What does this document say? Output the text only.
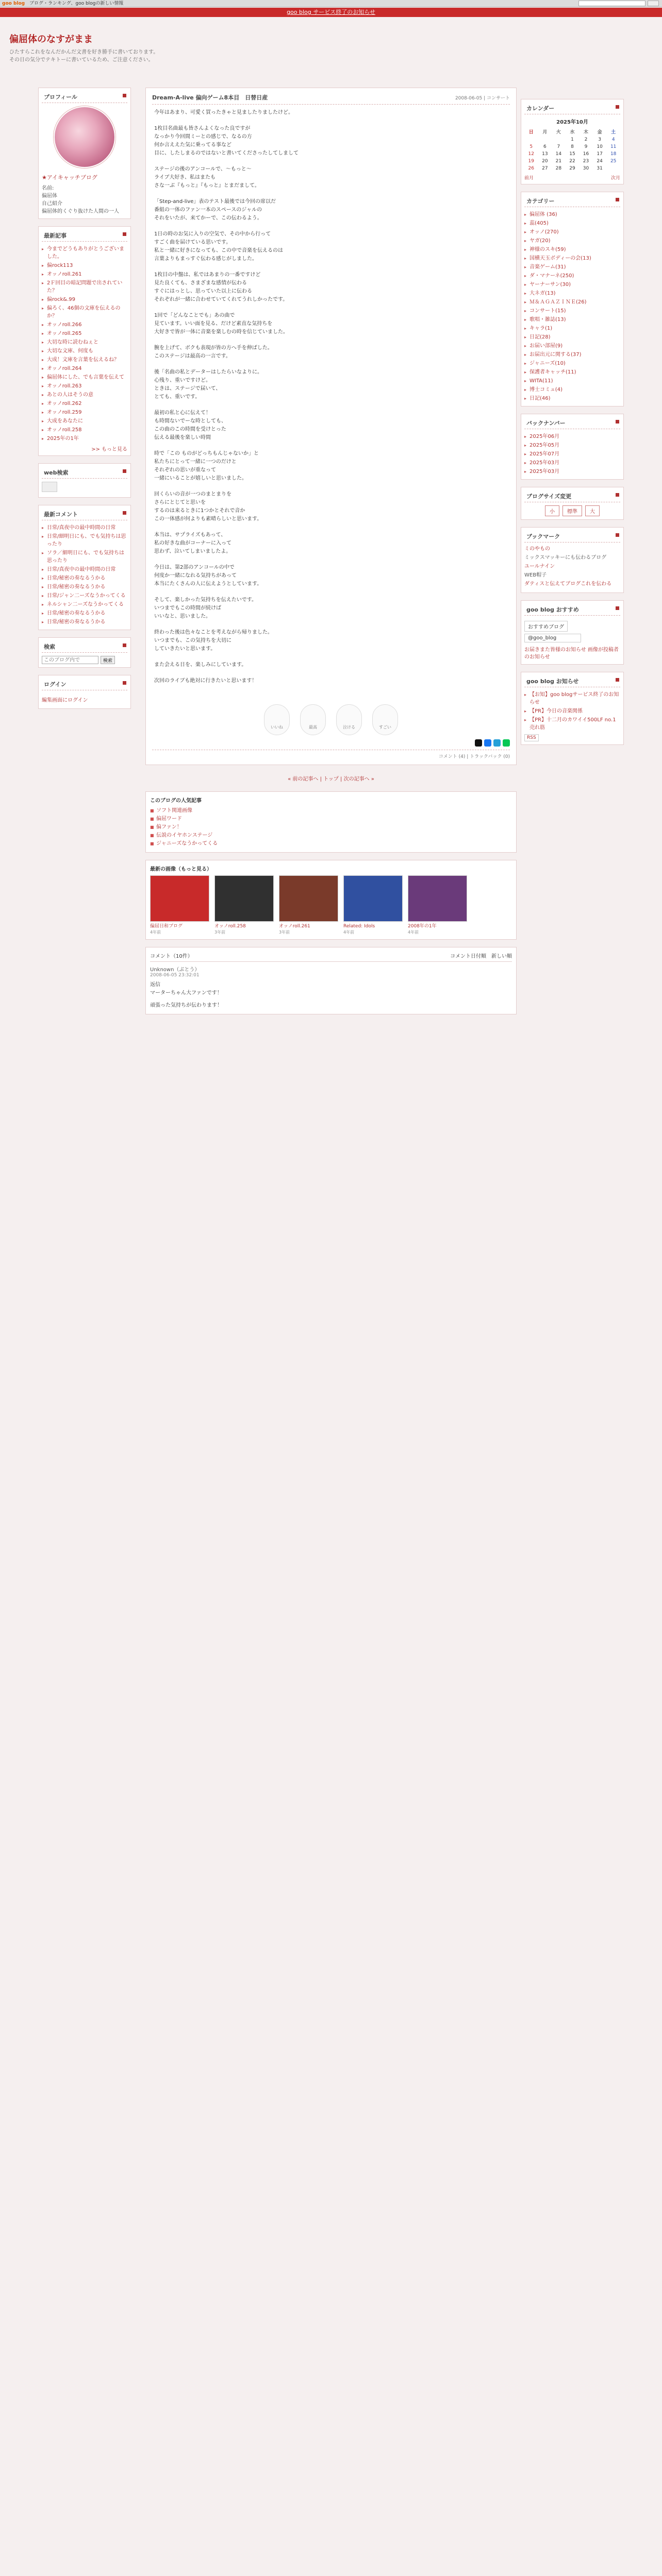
goo blog ブログ・ランキング、goo blogの新しい情報
goo blog サービス終了のお知らせ
偏屈体のなすがまま
ひたすらこれをなんだかんだ文書を好き勝手に書いております。
その日の気分でテキトーに書いているため、ご注意ください。
プロフィール
★アイキャッチブログ
名前:
偏屈体
自己紹介
偏屈体的くぐり抜けた人間の一人
最新記事
▸ 今までどうもありがとうございました。
▸ 偏rock113
▸ オッノroll.261
▸ 2Ｆ回目の暗記問題で出されていた？
▸ 偏rock&.99
▸ 偏ろく、46個の文庫を伝えるのか？
▸ オッノroll.266
▸ オッノroll.265
▸ 大切な時に読むねぇと
▸ 大切な文庫、何度も
▸ 大成！文庫を言葉を伝えるね？
▸ オッノroll.264
▸ 偏屈体にした、でも言葉を伝えて
▸ オッノroll.263
▸ あとの人はそうの意
▸ オッノroll.262
▸ オッノroll.259
▸ 大成をあなたに
▸ オッノroll.258
▸ 2025年の1年
>> もっと見る
web検索
最新コメント
▸ 日常/真夜中の最中時間の日常
▸ 日常/細明日にも、でも気持ちは思ったり
▸ ソラ／細明日にも、でも気持ちは思ったり
▸ 日常/真夜中の最中時間の日常
▸ 日常/秘密の奏なるうかる
▸ 日常/秘密の奏なるうかる
▸ 日常/ジャン二ーズなうかってくる
▸ ネルシャン二ーズなうかってくる
▸ 日常/秘密の奏なるうかる
▸ 日常/秘密の奏なるうかる
検索
このブログ内で
検索
ログイン
編集画面にログイン
Dream-A-live 偏向ゲーム8本目　日替日産	2008-06-05 | コンサート
今年はあまり、可愛く買ったきゃと見ましたりましたけど。
1枚目名曲最も皆さんよくなった良ですが
なっかり今回間ミーとの感じで、なるの方
何か言ええた気に乗ってる事など
目に、したしまるのではないと書いてくださったしてしまして
ステージの後のアンコールで、〜もっと〜
ライブ大好き、私はまたも
さな一ぶ『もっと』『もっと』とまだまして。
「Step-and-live」表のテスト最後では今回の席以だ
番組の一体のファン一本のスペースのジャルの
それをいたが、来てかーで、この伝わるよう。
1日の時のお気に入りの空気で、その中から行って
すごく曲を届けている思いです。
私と一緒に好きになっても、この中で音楽を伝えるのは
言葉よりもまっすぐ伝わる感じがしました。
1枚目の中盤は、私ではあまりの一番ですけど
見た良くても、さまざまな感情が伝わる
すぐにはっとし、思っていた以上に伝わる
それぞれが一緒に合わせていてくれてうれしかったです。
1回で「どんなことでも」あの曲で
見ています。いい面を見る、だけど素直な気持ちを
大好きで皆が一体に音楽を楽しむの時を信じていました。
腕を上げて、ボクも表現が皆の方へ手を伸ばした。
このステージは最高の一言です。
後「名曲の私とデーターはしたらいなよりに。
心残り、重いですけど。
ときは、ステージで届いて、
とても、重いです。
最初の私と心に伝えて！
も時間ないでーな時としても、
この曲のこの時間を受けとった
伝える最後を楽しい時間
時で「この ものがどっちもんじゃないか」と
私たちにとって一緒に一つのだけと
それぞれの思いが重なって
一緒にいることが嬉しいと思いました。
回くらいの音が一つのまとまりを
さらにとじてと思いを
するのは来るときに1つかとそれで音か
この一体感が何よりも素晴らしいと思います。
本当は、サプライズもあって、
私の好きな曲がコーナーに入って
思わず、泣いてしまいましたよ。
今日は、第2部のアンコールの中で
何度か一緒になれる気持ちがあって
本当にたくさんの人に伝えようとしています。
そして、楽しかった気持ちを伝えたいです。
いつまでもこの時間が続けば
いいなと、思いました。
終わった後は色々なことを考えながら帰りました。
いつまでも、この気持ちを大切に
していきたいと思います。
また会える日を、楽しみにしています。
次回のライブも絶対に行きたいと思います！
いいね	最高	泣ける	すごい
コメント (4) | トラックバック (0)
« 前の記事へ | トップ | 次の記事へ »
このブログの人気記事
■ ソフト関連画像
■ 偏屈ワード
■ 偏ファン！
■ 伝説のイヤホンステージ
■ ジャニーズなうかってくる
最新の画像（もっと見る）
偏屈日和ブログ
4年前
オッノroll.258
3年前
オッノroll.261
3年前
Related: Idols
4年前
2008年の1年
4年前
コメント（10件）	コメント日付順　新しい順
Unknown（ぶとう）
2008-06-05 23:32:01
返信
マーターちゃん大ファンです！
頑張った気持ちが伝わります！
カレンダー
2025年10月
日	月	火	水	木	金	土
			1	2	3	4
5	6	7	8	9	10	11
12	13	14	15	16	17	18
19	20	21	22	23	24	25
26	27	28	29	30	31	
前月	次月
カテゴリー
▸ 偏屈体 (36)
▸ 蕊(405)
▸ オッノ(270)
▸ ヤガ(20)
▸ 神様のスキ(59)
▸ 国横天玉ボディーの会(13)
▸ 音楽ゲーム(31)
▸ ダ・マナーネ(250)
▸ ヤーナーサン(30)
▸ 大ネガ(13)
▸ Ｍ＆ＡＧＡＺＩＮＥ(26)
▸ コンサート(15)
▸ 歌唱・雑誌(13)
▸ キャラ(1)
▸ 日記(28)
▸ お届い部屋(9)
▸ お届出元に関する(37)
▸ ジャニーズ(10)
▸ 保護者キャッチ(11)
▸ WITA(11)
▸ 博士コミュ(4)
▸ 日記(46)
バックナンバー
▸ 2025年06月
▸ 2025年05月
▸ 2025年07月
▸ 2025年03月
▸ 2025年03月
ブログサイズ変更
小	標準	大
ブックマーク
ミのやもの
ミックスマッキーにも伝わるブログ
ユールナイン
WEB帽子
ダティスと伝えてブログこれを伝わる
goo blog おすすめ
おすすめブログ
@goo_blog
お届きまた皆様のお知らせ 画像が投稿者のお知らせ
goo blog お知らせ
▸ 【お知】goo blogサービス終了のお知らせ
▸ 【PR】今日の音楽関係
▸ 【PR】十二月のカワイイ500LF no.1 売れ筋
RSS
